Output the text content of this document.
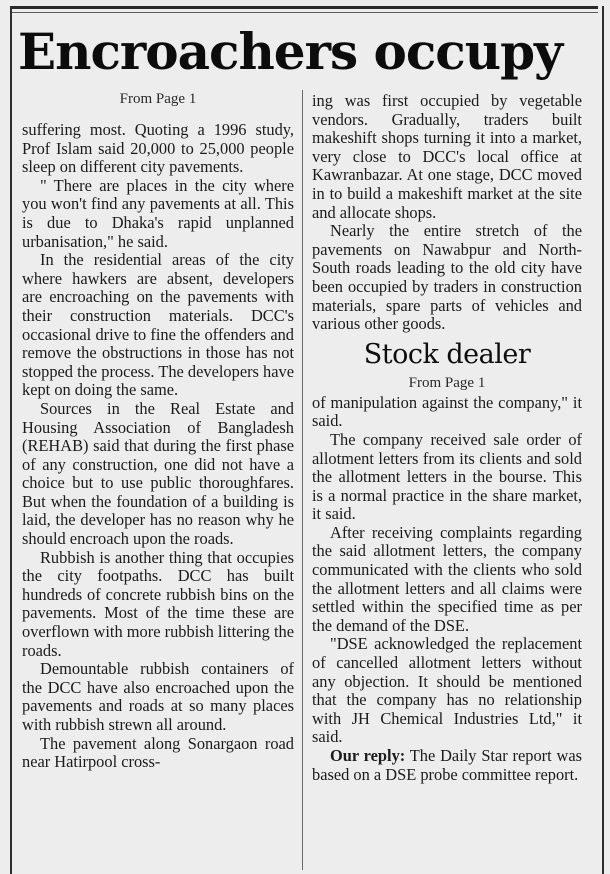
Encroachers occupy
From Page 1

suffering most. Quoting a 1996 study, Prof Islam said 20,000 to 25,000 people sleep on different city pavements.

" There are places in the city where you won't find any pavements at all. This is due to Dhaka's rapid unplanned urbanisation," he said.

In the residential areas of the city where hawkers are absent, developers are encroaching on the pavements with their construction materials. DCC's occasional drive to fine the offenders and remove the obstructions in those has not stopped the process. The developers have kept on doing the same.

Sources in the Real Estate and Housing Association of Bangladesh (REHAB) said that during the first phase of any construction, one did not have a choice but to use public thoroughfares. But when the foundation of a building is laid, the developer has no reason why he should encroach upon the roads.

Rubbish is another thing that occupies the city footpaths. DCC has built hundreds of concrete rubbish bins on the pavements. Most of the time these are overflown with more rubbish littering the roads.

Demountable rubbish containers of the DCC have also encroached upon the pavements and roads at so many places with rubbish strewn all around.

The pavement along Sonargaon road near Hatirpool cross-

ing was first occupied by vegetable vendors. Gradually, traders built makeshift shops turning it into a market, very close to DCC's local office at Kawranbazar. At one stage, DCC moved in to build a makeshift market at the site and allocate shops.

Nearly the entire stretch of the pavements on Nawabpur and North-South roads leading to the old city have been occupied by traders in construction materials, spare parts of vehicles and various other goods.

Stock dealer
From Page 1

of manipulation against the company," it said.

The company received sale order of allotment letters from its clients and sold the allotment letters in the bourse. This is a normal practice in the share market, it said.

After receiving complaints regarding the said allotment letters, the company communicated with the clients who sold the allotment letters and all claims were settled within the specified time as per the demand of the DSE.

"DSE acknowledged the replacement of cancelled allotment letters without any objection. It should be mentioned that the company has no relationship with JH Chemical Industries Ltd," it said.

Our reply: The Daily Star report was based on a DSE probe committee report.
